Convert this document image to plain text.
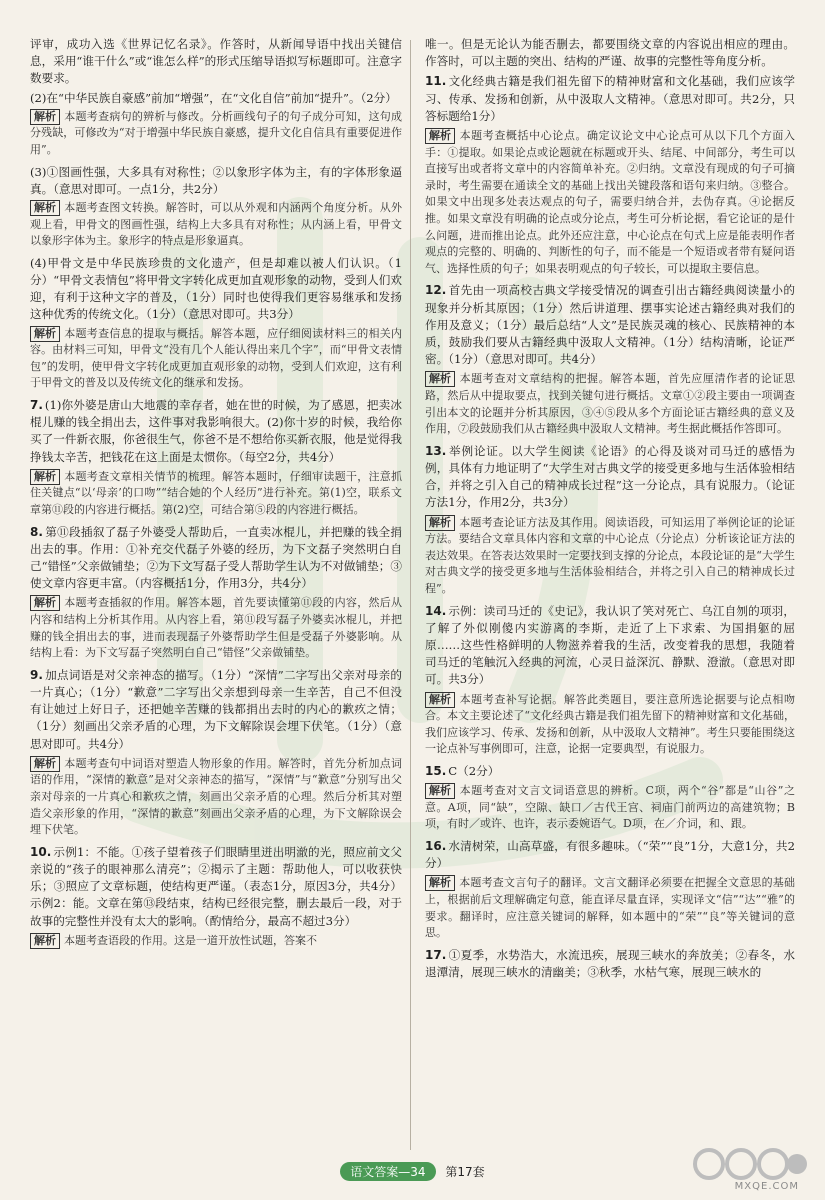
评审，成功入选《世界记忆名录》。作答时，从新闻导语中找出关键信息，采用“谁干什么”或“谁怎么样”的形式压缩导语拟写标题即可。注意字数要求。

(2)在“中华民族自豪感”前加“增强”，在“文化自信”前加“提升”。（2分）

解析 本题考查病句的辨析与修改。分析画线句子的句子成分可知，这句成分残缺，可修改为“对于增强中华民族自豪感，提升文化自信具有重要促进作用”。

(3)①图画性强，大多具有对称性；②以象形字体为主，有的字体形象逼真。（意思对即可。一点1分，共2分）

解析 本题考查图文转换。解答时，可以从外观和内涵两个角度分析。从外观上看，甲骨文的图画性强，结构上大多具有对称性；从内涵上看，甲骨文以象形字体为主。象形字的特点是形象逼真。

(4)甲骨文是中华民族珍贵的文化遗产，但是却难以被人们认识。（1分）“甲骨文表情包”将甲骨文字转化成更加直观形象的动物，受到人们欢迎，有利于这种文字的普及，（1分）同时也使得我们更容易继承和发扬这种优秀的传统文化。（1分）（意思对即可。共3分）

解析 本题考查信息的提取与概括。解答本题，应仔细阅读材料三的相关内容。由材料三可知，甲骨文“没有几个人能认得出来几个字”，而“甲骨文表情包”的发明，使甲骨文字转化成更加直观形象的动物，受到人们欢迎，这有利于甲骨文的普及以及传统文化的继承和发扬。

7. (1)你外婆是唐山大地震的幸存者，她在世的时候，为了感恩，把卖冰棍儿赚的钱全捐出去，这件事对我影响很大。(2)你十岁的时候，我给你买了一件新衣服，你爸很生气，你爸不是不想给你买新衣服，他是觉得我挣钱太辛苦，把钱花在这上面是太惯你。（每空2分，共4分）

解析 本题考查文章相关情节的梳理。解答本题时，仔细审读题干，注意抓住关键点“以‘母亲’的口吻”“结合她的个人经历”进行补充。第(1)空，联系文章第⑪段的内容进行概括。第(2)空，可结合第⑤段的内容进行概括。

8. 第⑪段插叙了磊子外婆受人帮助后，一直卖冰棍儿，并把赚的钱全捐出去的事。作用：①补充交代磊子外婆的经历，为下文磊子突然明白自己“错怪”父亲做铺垫；②为下文写磊子受人帮助学生认为不对做铺垫；③使文章内容更丰富。（内容概括1分，作用3分，共4分）

解析 本题考查插叙的作用。解答本题，首先要读懂第⑪段的内容，然后从内容和结构上分析其作用。从内容上看，第⑪段写磊子外婆卖冰棍儿，并把赚的钱全捐出去的事，进而表现磊子外婆帮助学生但是受磊子外婆影响。从结构上看：为下文写磊子突然明白自己“错怪”父亲做铺垫。

9. 加点词语是对父亲神态的描写。（1分）“深情”二字写出父亲对母亲的一片真心；（1分）“歉意”二字写出父亲想到母亲一生辛苦，自己不但没有让她过上好日子，还把她辛苦赚的钱都捐出去时的内心的歉疚之情；（1分）刻画出父亲矛盾的心理，为下文解除误会埋下伏笔。（1分）（意思对即可。共4分）

解析 本题考查句中词语对塑造人物形象的作用。解答时，首先分析加点词语的作用，“深情的歉意”是对父亲神态的描写，“深情”与“歉意”分别写出父亲对母亲的一片真心和歉疚之情，刻画出父亲矛盾的心理。然后分析其对塑造父亲形象的作用，“深情的歉意”刻画出父亲矛盾的心理，为下文解除误会埋下伏笔。

10. 示例1：不能。①孩子望着孩子们眼睛里迸出明澈的光，照应前文父亲说的“孩子的眼神那么清亮”；②揭示了主题：帮助他人，可以收获快乐；③照应了文章标题，使结构更严谨。（表态1分，原因3分，共4分）示例2：能。文章在第⑬段结束，结构已经很完整，删去最后一段，对于故事的完整性并没有太大的影响。（酌情给分，最高不超过3分）

解析 本题考查语段的作用。这是一道开放性试题，答案不

唯一。但是无论认为能否删去，都要围绕文章的内容说出相应的理由。作答时，可以主题的突出、结构的严谨、故事的完整性等角度分析。

11. 文化经典古籍是我们祖先留下的精神财富和文化基础，我们应该学习、传承、发扬和创新，从中汲取人文精神。（意思对即可。共2分，只答标题给1分）

解析 本题考查概括中心论点。确定议论文中心论点可从以下几个方面入手：①提取。如果论点或论题就在标题或开头、结尾、中间部分，考生可以直接写出或者将文章中的内容简单补充。②归纳。文章没有现成的句子可摘录时，考生需要在通读全文的基础上找出关键段落和语句来归纳。③整合。如果文中出现多处表达观点的句子，需要归纳合并，去伪存真。④论据反推。如果文章没有明确的论点或分论点，考生可分析论据，看它论证的是什么问题，进而推出论点。此外还应注意，中心论点在句式上应是能表明作者观点的完整的、明确的、判断性的句子，而不能是一个短语或者带有疑问语气、选择性质的句子；如果表明观点的句子较长，可以提取主要信息。

12. 首先由一项高校古典文学接受情况的调查引出古籍经典阅读量小的现象并分析其原因；（1分）然后讲道理、摆事实论述古籍经典对我们的作用及意义；（1分）最后总结“人文”是民族灵魂的核心、民族精神的本质，鼓励我们要从古籍经典中汲取人文精神。（1分）结构清晰，论证严密。（1分）（意思对即可。共4分）

解析 本题考查对文章结构的把握。解答本题，首先应厘清作者的论证思路，然后从中提取要点，找到关键句进行概括。文章①②段主要由一项调查引出本文的论题并分析其原因，③④⑤段从多个方面论证古籍经典的意义及作用，⑦段鼓励我们从古籍经典中汲取人文精神。考生据此概括作答即可。

13. 举例论证。以大学生阅读《论语》的心得及谈对司马迁的感悟为例，具体有力地证明了“大学生对古典文学的接受更多地与生活体验相结合，并将之引入自己的精神成长过程”这一分论点，具有说服力。（论证方法1分，作用2分，共3分）

解析 本题考查论证方法及其作用。阅读语段，可知运用了举例论证的论证方法。要结合文章具体内容和文章的中心论点（分论点）分析该论证方法的表达效果。在答表达效果时一定要找到支撑的分论点，本段论证的是“大学生对古典文学的接受更多地与生活体验相结合，并将之引入自己的精神成长过程”。

14. 示例：读司马迁的《史记》，我认识了笑对死亡、乌江自刎的项羽，了解了外似刚傻内实游离的李斯，走近了上下求索、为国捐躯的屈原……这些性格鲜明的人物滋养着我的生活，改变着我的思想，我随着司马迁的笔触沉入经典的河流，心灵日益深沉、静默、澄澈。（意思对即可。共3分）

解析 本题考查补写论据。解答此类题目，要注意所选论据要与论点相吻合。本文主要论述了“文化经典古籍是我们祖先留下的精神财富和文化基础，我们应该学习、传承、发扬和创新，从中汲取人文精神”。考生只要能围绕这一论点补写事例即可，注意，论据一定要典型，有说服力。

15. C（2分）

解析 本题考查对文言文词语意思的辨析。C项，两个“谷”都是“山谷”之意。A项，同“缺”，空隙、缺口／古代王宫、祠庙门前两边的高建筑物；B项，有时／或许、也许，表示委婉语气。D项，在／介词，和、跟。

16. 水清树荣，山高草盛，有很多趣味。（“荣”“良”1分，大意1分，共2分）

解析 本题考查文言句子的翻译。文言文翻译必须要在把握全文意思的基础上，根据前后文理解确定句意，能直译尽量直译，实现译文“信”“达”“雅”的要求。翻译时，应注意关键词的解释，如本题中的“荣”“良”等关键词的意思。

17. ①夏季，水势浩大，水流迅疾，展现三峡水的奔放美；②春冬，水退潭清，展现三峡水的清幽美；③秋季，水枯气寒，展现三峡水的

语文答案—34 第17套
MXQE.COM
